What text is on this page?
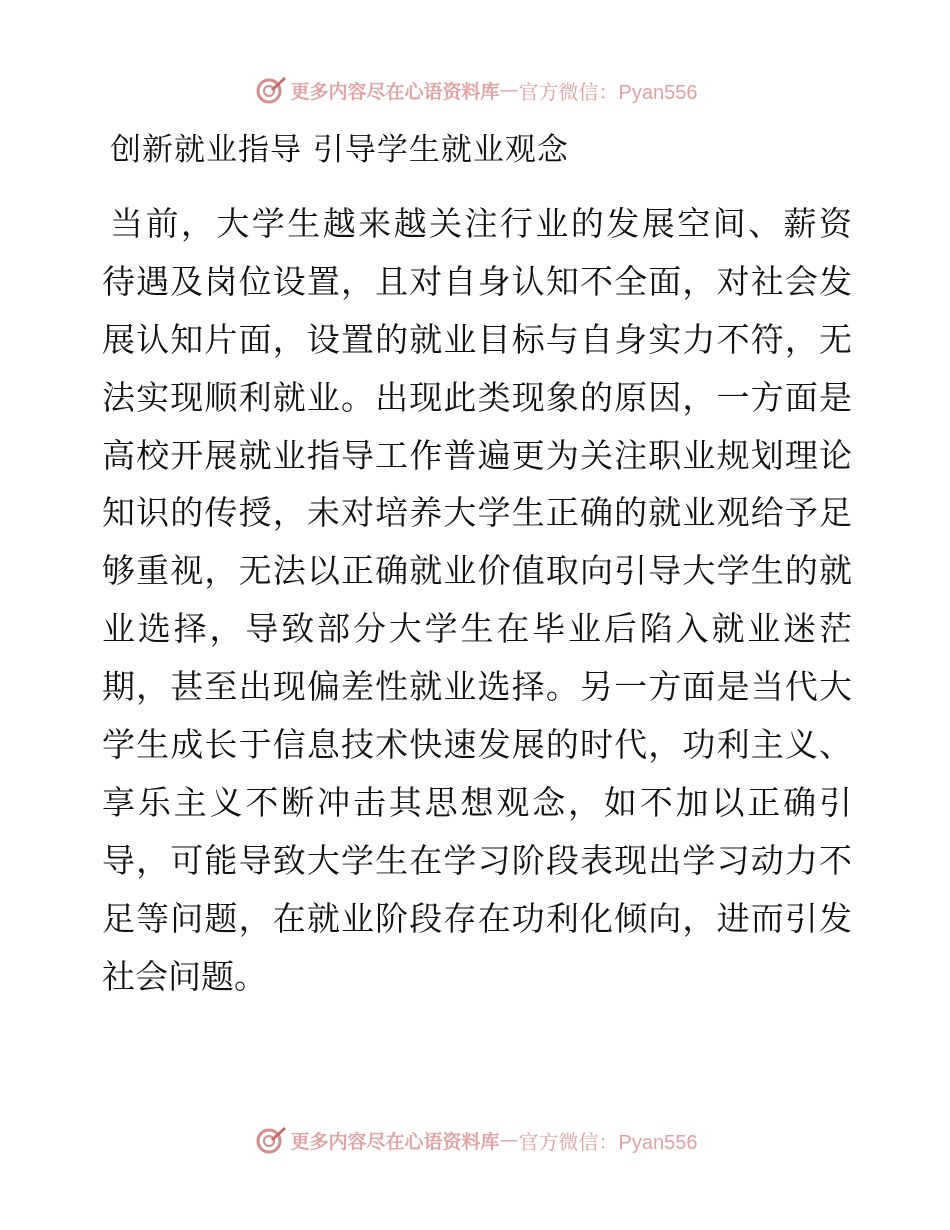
更多内容尽在心语资料库 — 官方微信：Pyan556
创新就业指导 引导学生就业观念
当前，大学生越来越关注行业的发展空间、薪资
待遇及岗位设置，且对自身认知不全面，对社会发
展认知片面，设置的就业目标与自身实力不符，无
法实现顺利就业。出现此类现象的原因，一方面是
高校开展就业指导工作普遍更为关注职业规划理论
知识的传授，未对培养大学生正确的就业观给予足
够重视，无法以正确就业价值取向引导大学生的就
业选择，导致部分大学生在毕业后陷入就业迷茫
期，甚至出现偏差性就业选择。另一方面是当代大
学生成长于信息技术快速发展的时代，功利主义、
享乐主义不断冲击其思想观念，如不加以正确引
导，可能导致大学生在学习阶段表现出学习动力不
足等问题，在就业阶段存在功利化倾向，进而引发
社会问题。
更多内容尽在心语资料库 — 官方微信：Pyan556
